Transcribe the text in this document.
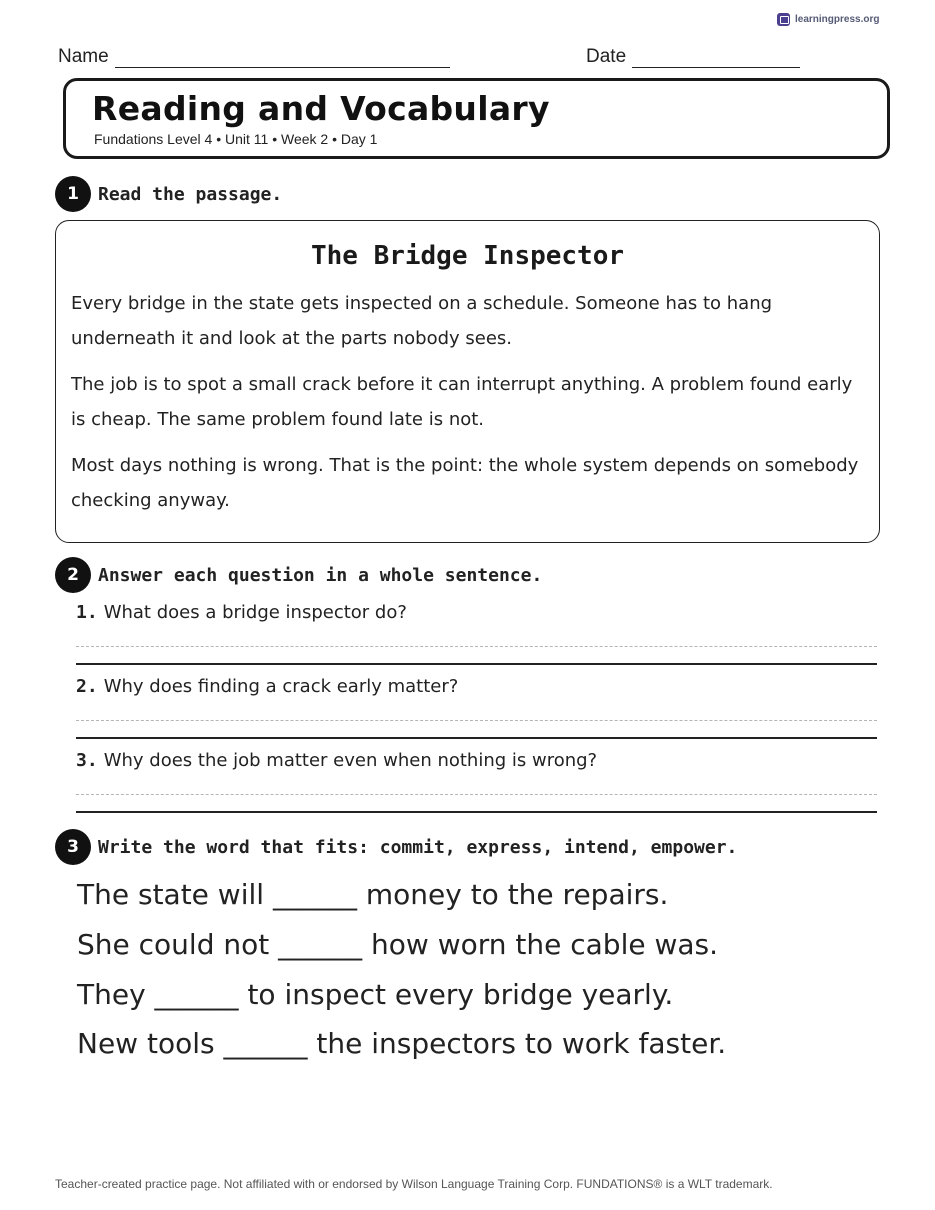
learningpress.org
Name	Date
Reading and Vocabulary
Fundations Level 4 • Unit 11 • Week 2 • Day 1
1	Read the passage.
The Bridge Inspector

Every bridge in the state gets inspected on a schedule. Someone has to hang underneath it and look at the parts nobody sees.

The job is to spot a small crack before it can interrupt anything. A problem found early is cheap. The same problem found late is not.

Most days nothing is wrong. That is the point: the whole system depends on somebody checking anyway.

2	Answer each question in a whole sentence.
1. What does a bridge inspector do?
2. Why does finding a crack early matter?
3. Why does the job matter even when nothing is wrong?
3	Write the word that fits: commit, express, intend, empower.
The state will ______ money to the repairs.
She could not ______ how worn the cable was.
They ______ to inspect every bridge yearly.
New tools ______ the inspectors to work faster.
Teacher-created practice page. Not affiliated with or endorsed by Wilson Language Training Corp. FUNDATIONS® is a WLT trademark.
